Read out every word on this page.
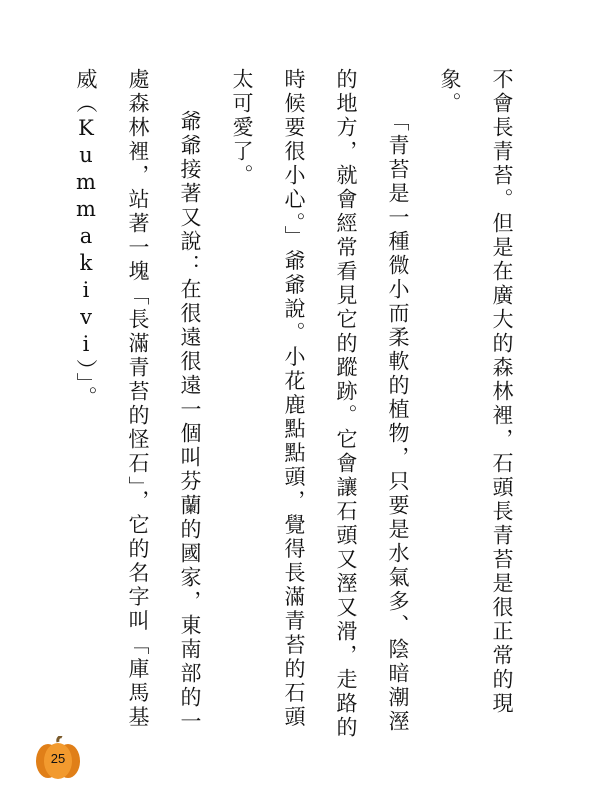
不會長青苔。但是在廣大的森林裡，石頭長青苔是很正常的現象。

「青苔是一種微小而柔軟的植物，只要是水氣多、陰暗潮溼的地方，就會經常看見它的蹤跡。它會讓石頭又溼又滑，走路的時候要很小心。」爺爺說。小花鹿點點頭，覺得長滿青苔的石頭太可愛了。

爺爺接著又說：在很遠很遠一個叫芬蘭的國家，東南部的一處森林裡，站著一塊「長滿青苔的怪石」，它的名字叫「庫馬基威（Kummakivi）」。

25
